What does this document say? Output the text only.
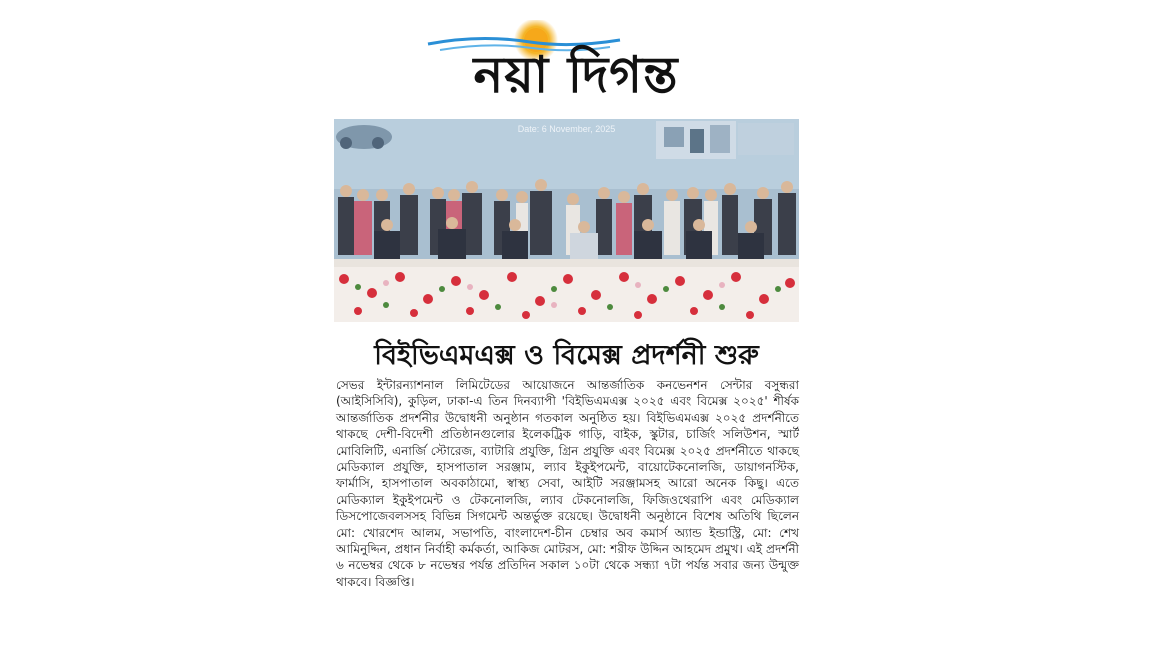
নয়া দিগন্ত
Date: 6 November, 2025
বিইভিএমএক্স ও বিমেক্স প্রদর্শনী শুরু

সেভর ইন্টারন্যাশনাল লিমিটেডের আয়োজনে আন্তর্জাতিক কনভেনশন সেন্টার বসুন্ধরা (আইসিসিবি), কুড়িল, ঢাকা-এ তিন দিনব্যাপী 'বিইভিএমএক্স ২০২৫ এবং বিমেক্স ২০২৫' শীর্ষক আন্তর্জাতিক প্রদর্শনীর উদ্বোধনী অনুষ্ঠান গতকাল অনুষ্ঠিত হয়। বিইভিএমএক্স ২০২৫ প্রদর্শনীতে থাকছে দেশী-বিদেশী প্রতিষ্ঠানগুলোর ইলেকট্রিক গাড়ি, বাইক, স্কুটার, চার্জিং সলিউশন, স্মার্ট মোবিলিটি, এনার্জি স্টোরেজ, ব্যাটারি প্রযুক্তি, গ্রিন প্রযুক্তি এবং বিমেক্স ২০২৫ প্রদর্শনীতে থাকছে মেডিক্যাল প্রযুক্তি, হাসপাতাল সরঞ্জাম, ল্যাব ইকুইপমেন্ট, বায়োটেকনোলজি, ডায়াগনস্টিক, ফার্মাসি, হাসপাতাল অবকাঠামো, স্বাস্থ্য সেবা, আইটি সরঞ্জামসহ আরো অনেক কিছু। এতে মেডিক্যাল ইকুইপমেন্ট ও টেকনোলজি, ল্যাব টেকনোলজি, ফিজিওথেরাপি এবং মেডিক্যাল ডিসপোজেবলসসহ বিভিন্ন সিগমেন্ট অন্তর্ভুক্ত রয়েছে। উদ্বোধনী অনুষ্ঠানে বিশেষ অতিথি ছিলেন মো: খোরশেদ আলম, সভাপতি, বাংলাদেশ-চীন চেম্বার অব কমার্স অ্যান্ড ইন্ডাস্ট্রি, মো: শেখ আমিনুদ্দিন, প্রধান নির্বাহী কর্মকর্তা, আকিজ মোটরস, মো: শরীফ উদ্দিন আহমেদ প্রমুখ। এই প্রদর্শনী ৬ নভেম্বর থেকে ৮ নভেম্বর পর্যন্ত প্রতিদিন সকাল ১০টা থেকে সন্ধ্যা ৭টা পর্যন্ত সবার জন্য উন্মুক্ত থাকবে। বিজ্ঞপ্তি।
